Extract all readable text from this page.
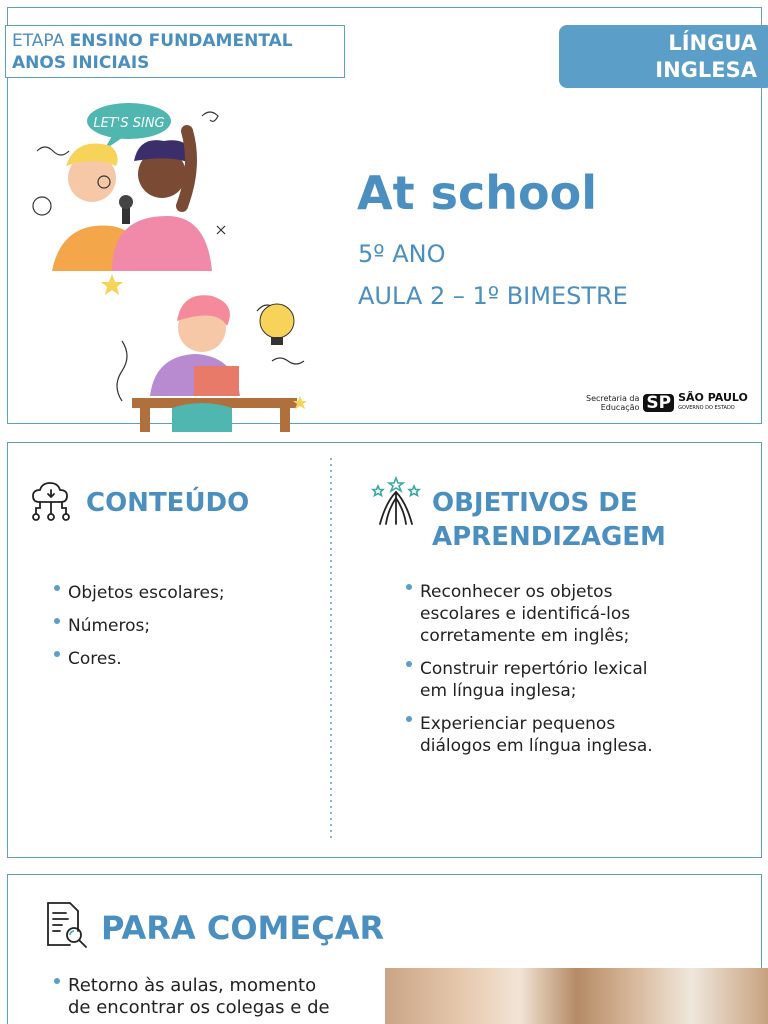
ETAPA ENSINO FUNDAMENTAL
ANOS INICIAIS
LÍNGUA
INGLESA
LET'S SING
At school
5º ANO
AULA 2 – 1º BIMESTRE
Secretaria da
Educação SP SÃO PAULO
GOVERNO DO ESTADO
CONTEÚDO
Objetos escolares;
Números;
Cores.
OBJETIVOS DE
APRENDIZAGEM
Reconhecer os objetos
escolares e identificá-los
corretamente em inglês;
Construir repertório lexical
em língua inglesa;
Experienciar pequenos
diálogos em língua inglesa.
PARA COMEÇAR
Retorno às aulas, momento
de encontrar os colegas e de
